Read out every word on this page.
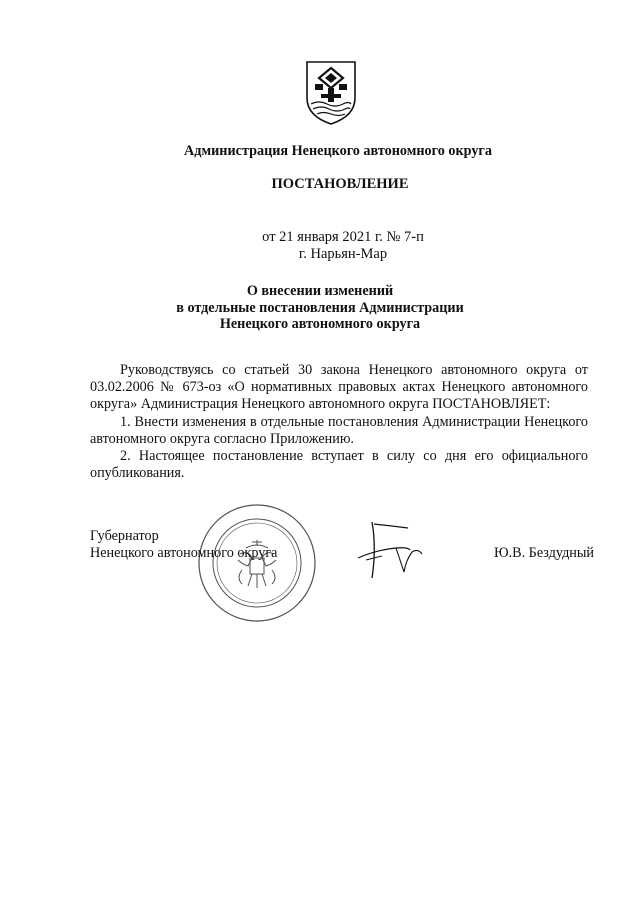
Администрация Ненецкого автономного округа
ПОСТАНОВЛЕНИЕ
от 21 января 2021 г. № 7-п
г. Нарьян-Мар
О внесении изменений
в отдельные постановления Администрации
Ненецкого автономного округа

Руководствуясь со статьей 30 закона Ненецкого автономного округа от 03.02.2006 № 673-оз «О нормативных правовых актах Ненецкого автономного округа» Администрация Ненецкого автономного округа ПОСТАНОВЛЯЕТ:

1. Внести изменения в отдельные постановления Администрации Ненецкого автономного округа согласно Приложению.

2. Настоящее постановление вступает в силу со дня его официального опубликования.

Губернатор
Ненецкого автономного округа	Ю.В. Бездудный
